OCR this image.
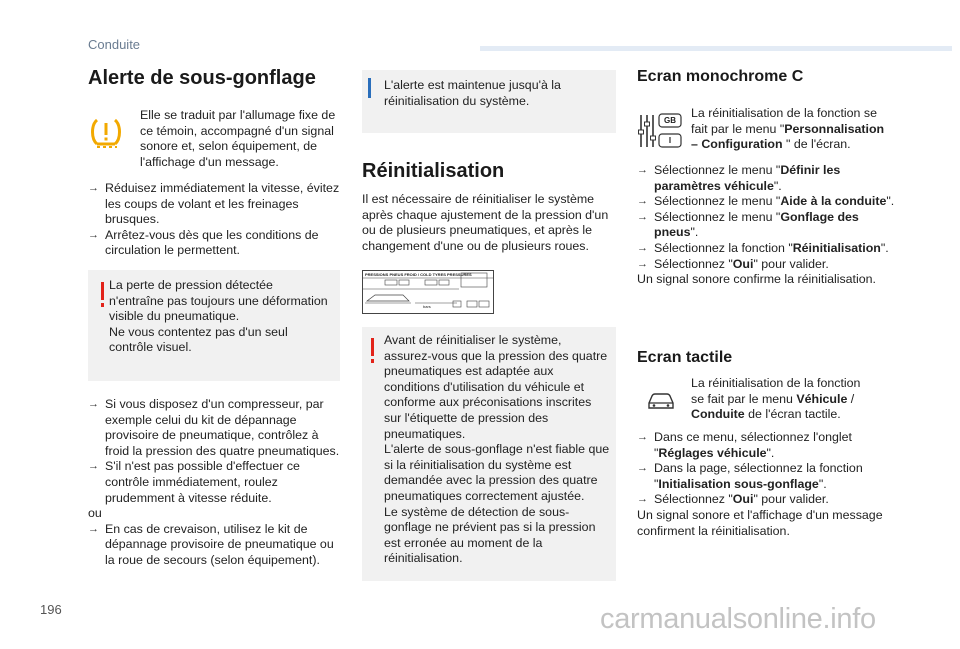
Conduite
Alerte de sous-gonflage

Elle se traduit par l'allumage fixe de ce témoin, accompagné d'un signal sonore et, selon équipement, de l'affichage d'un message.

→ Réduisez immédiatement la vitesse, évitez les coups de volant et les freinages brusques.
→ Arrêtez-vous dès que les conditions de circulation le permettent.

La perte de pression détectée n'entraîne pas toujours une déformation visible du pneumatique.

Ne vous contentez pas d'un seul contrôle visuel.

→ Si vous disposez d'un compresseur, par exemple celui du kit de dépannage provisoire de pneumatique, contrôlez à froid la pression des quatre pneumatiques.
→ S'il n'est pas possible d'effectuer ce contrôle immédiatement, roulez prudemment à vitesse réduite.
ou
→ En cas de crevaison, utilisez le kit de dépannage provisoire de pneumatique ou la roue de secours (selon équipement).

L'alerte est maintenue jusqu'à la réinitialisation du système.

Réinitialisation

Il est nécessaire de réinitialiser le système après chaque ajustement de la pression d'un ou de plusieurs pneumatiques, et après le changement d'une ou de plusieurs roues.

PRESSIONS PNEUS FROID / COLD TYRES PRESSURES
bars

Avant de réinitialiser le système, assurez-vous que la pression des quatre pneumatiques est adaptée aux conditions d'utilisation du véhicule et conforme aux préconisations inscrites sur l'étiquette de pression des pneumatiques.

L'alerte de sous-gonflage n'est fiable que si la réinitialisation du système est demandée avec la pression des quatre pneumatiques correctement ajustée.

Le système de détection de sous-gonflage ne prévient pas si la pression est erronée au moment de la réinitialisation.

Ecran monochrome C
GB
I

La réinitialisation de la fonction se fait par le menu "Personnalisation – Configuration " de l'écran.

→ Sélectionnez le menu "Définir les paramètres véhicule".
→ Sélectionnez le menu "Aide à la conduite".
→ Sélectionnez le menu "Gonflage des pneus".
→ Sélectionnez la fonction "Réinitialisation".
→ Sélectionnez "Oui" pour valider.
Un signal sonore confirme la réinitialisation.
Ecran tactile

La réinitialisation de la fonction se fait par le menu Véhicule / Conduite de l'écran tactile.

→ Dans ce menu, sélectionnez l'onglet "Réglages véhicule".
→ Dans la page, sélectionnez la fonction "Initialisation sous-gonflage".
→ Sélectionnez "Oui" pour valider.
Un signal sonore et l'affichage d'un message confirment la réinitialisation.
196	carmanualsonline.info
